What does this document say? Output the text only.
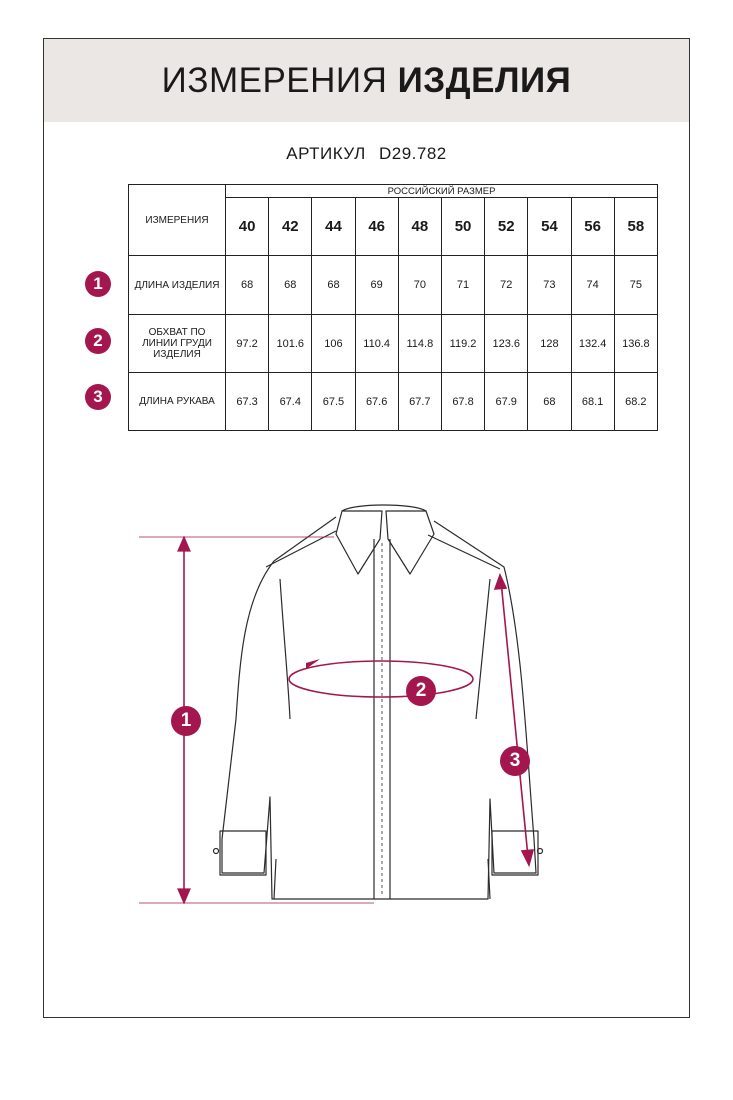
ИЗМЕРЕНИЯ ИЗДЕЛИЯ
АРТИКУЛ D29.782
ИЗМЕРЕНИЯ	РОССИЙСКИЙ РАЗМЕР									
	40	42	44	46	48	50	52	54	56	58
ДЛИНА ИЗДЕЛИЯ	68	68	68	69	70	71	72	73	74	75

ОБХВАТ ПО
ЛИНИИ ГРУДИ
ИЗДЕЛИЯ	97.2	101.6	106	110.4	114.8	119.2	123.6	128	132.4	136.8
ДЛИНА РУКАВА	67.3	67.4	67.5	67.6	67.7	67.8	67.9	68	68.1	68.2
1
2
3
1
2
3
